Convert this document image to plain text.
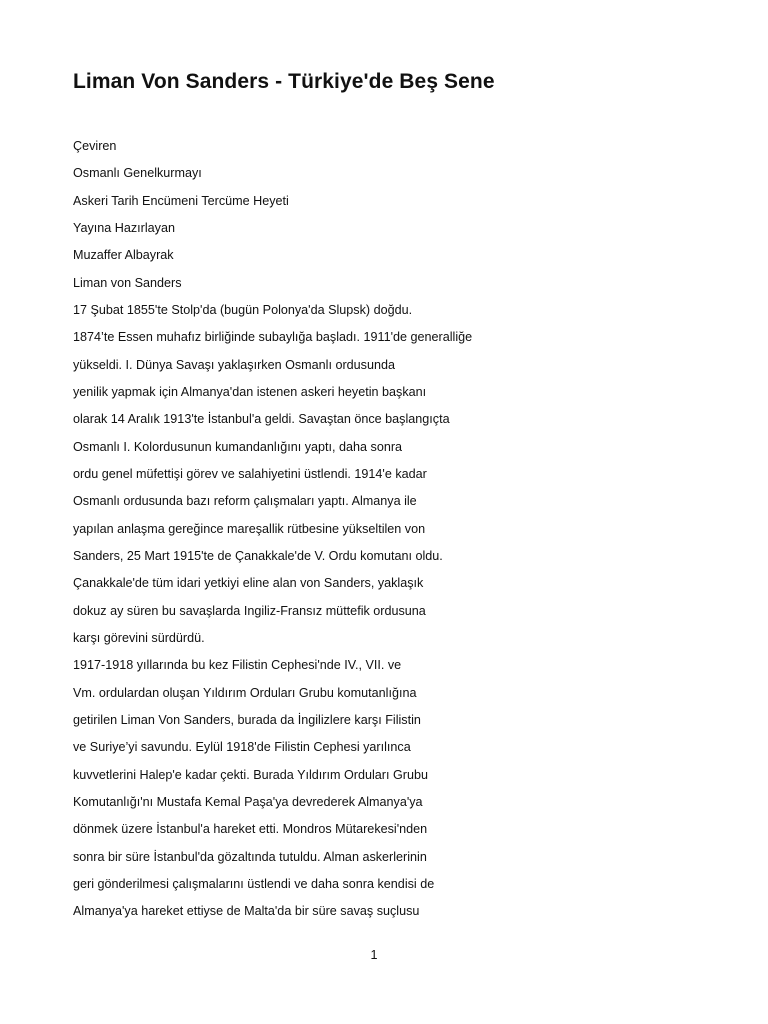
Liman Von Sanders - Türkiye'de Beş Sene
Çeviren
Osmanlı Genelkurmayı
Askeri Tarih Encümeni Tercüme Heyeti
Yayına Hazırlayan
Muzaffer Albayrak
Liman von Sanders
17 Şubat 1855'te Stolp'da (bugün Polonya'da Slupsk) doğdu.
1874’te Essen muhafız birliğinde subaylığa başladı. 1911'de generalliğe
yükseldi. I. Dünya Savaşı yaklaşırken Osmanlı ordusunda
yenilik yapmak için Almanya'dan istenen askeri heyetin başkanı
olarak 14 Aralık 1913'te İstanbul'a geldi. Savaştan önce başlangıçta
Osmanlı I. Kolordusunun kumandanlığını yaptı, daha sonra
ordu genel müfettişi görev ve salahiyetini üstlendi. 1914'e kadar
Osmanlı ordusunda bazı reform çalışmaları yaptı. Almanya ile
yapılan anlaşma gereğince mareşallik rütbesine yükseltilen von
Sanders, 25 Mart 1915'te de Çanakkale'de V. Ordu komutanı oldu.
Çanakkale'de tüm idari yetkiyi eline alan von Sanders, yaklaşık
dokuz ay süren bu savaşlarda Ingiliz-Fransız müttefik ordusuna
karşı görevini sürdürdü.
1917-1918 yıllarında bu kez Filistin Cephesi'nde IV., VII. ve
Vm. ordulardan oluşan Yıldırım Orduları Grubu komutanlığına
getirilen Liman Von Sanders, burada da İngilizlere karşı Filistin
ve Suriye’yi savundu. Eylül 1918'de Filistin Cephesi yarılınca
kuvvetlerini Halep'e kadar çekti. Burada Yıldırım Orduları Grubu
Komutanlığı'nı Mustafa Kemal Paşa'ya devrederek Almanya'ya
dönmek üzere İstanbul'a hareket etti. Mondros Mütarekesi'nden
sonra bir süre İstanbul'da gözaltında tutuldu. Alman askerlerinin
geri gönderilmesi çalışmalarını üstlendi ve daha sonra kendisi de
Almanya'ya hareket ettiyse de Malta'da bir süre savaş suçlusu
1
